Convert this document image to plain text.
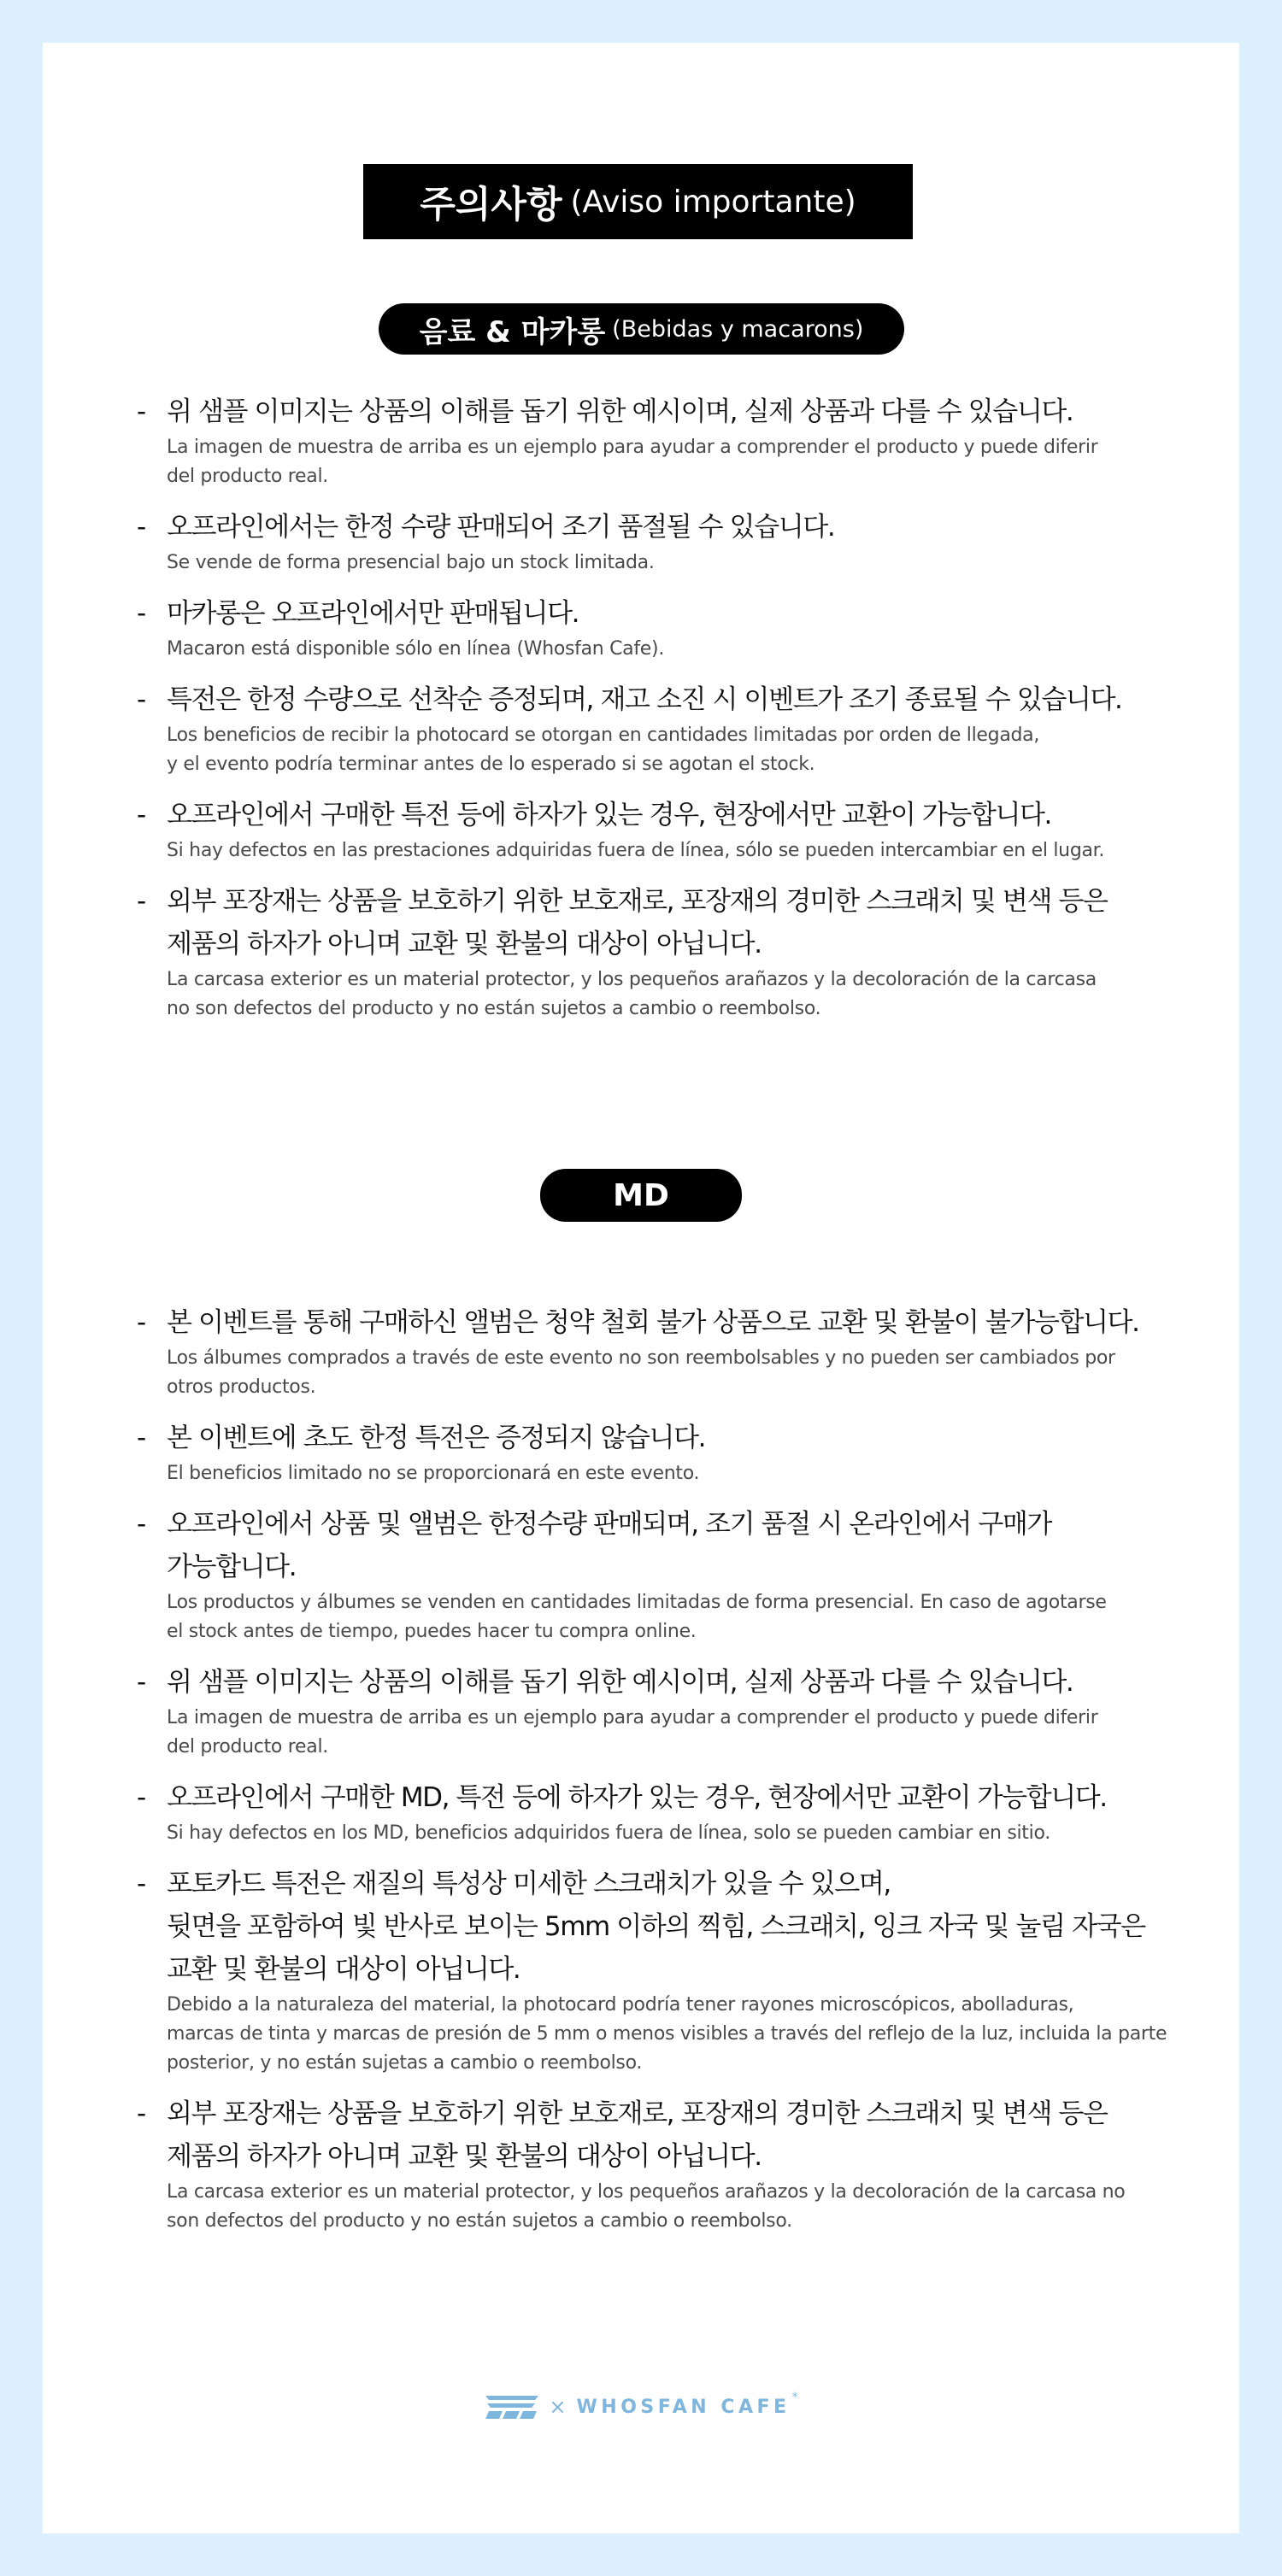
주의사항 (Aviso importante)
음료 & 마카롱 (Bebidas y macarons)
- 위 샘플 이미지는 상품의 이해를 돕기 위한 예시이며, 실제 상품과 다를 수 있습니다.
La imagen de muestra de arriba es un ejemplo para ayudar a comprender el producto y puede diferir
del producto real.
- 오프라인에서는 한정 수량 판매되어 조기 품절될 수 있습니다.
Se vende de forma presencial bajo un stock limitada.
- 마카롱은 오프라인에서만 판매됩니다.
Macaron está disponible sólo en línea (Whosfan Cafe).
- 특전은 한정 수량으로 선착순 증정되며, 재고 소진 시 이벤트가 조기 종료될 수 있습니다.
Los beneficios de recibir la photocard se otorgan en cantidades limitadas por orden de llegada,
y el evento podría terminar antes de lo esperado si se agotan el stock.
- 오프라인에서 구매한 특전 등에 하자가 있는 경우, 현장에서만 교환이 가능합니다.
Si hay defectos en las prestaciones adquiridas fuera de línea, sólo se pueden intercambiar en el lugar.
- 외부 포장재는 상품을 보호하기 위한 보호재로, 포장재의 경미한 스크래치 및 변색 등은
제품의 하자가 아니며 교환 및 환불의 대상이 아닙니다.
La carcasa exterior es un material protector, y los pequeños arañazos y la decoloración de la carcasa
no son defectos del producto y no están sujetos a cambio o reembolso.
MD
- 본 이벤트를 통해 구매하신 앨범은 청약 철회 불가 상품으로 교환 및 환불이 불가능합니다.
Los álbumes comprados a través de este evento no son reembolsables y no pueden ser cambiados por
otros productos.
- 본 이벤트에 초도 한정 특전은 증정되지 않습니다.
El beneficios limitado no se proporcionará en este evento.
- 오프라인에서 상품 및 앨범은 한정수량 판매되며, 조기 품절 시 온라인에서 구매가
가능합니다.
Los productos y álbumes se venden en cantidades limitadas de forma presencial. En caso de agotarse
el stock antes de tiempo, puedes hacer tu compra online.
- 위 샘플 이미지는 상품의 이해를 돕기 위한 예시이며, 실제 상품과 다를 수 있습니다.
La imagen de muestra de arriba es un ejemplo para ayudar a comprender el producto y puede diferir
del producto real.
- 오프라인에서 구매한 MD, 특전 등에 하자가 있는 경우, 현장에서만 교환이 가능합니다.
Si hay defectos en los MD, beneficios adquiridos fuera de línea, solo se pueden cambiar en sitio.
- 포토카드 특전은 재질의 특성상 미세한 스크래치가 있을 수 있으며,
뒷면을 포함하여 빛 반사로 보이는 5mm 이하의 찍힘, 스크래치, 잉크 자국 및 눌림 자국은
교환 및 환불의 대상이 아닙니다.
Debido a la naturaleza del material, la photocard podría tener rayones microscópicos, abolladuras,
marcas de tinta y marcas de presión de 5 mm o menos visibles a través del reflejo de la luz, incluida la parte
posterior, y no están sujetas a cambio o reembolso.
- 외부 포장재는 상품을 보호하기 위한 보호재로, 포장재의 경미한 스크래치 및 변색 등은
제품의 하자가 아니며 교환 및 환불의 대상이 아닙니다.
La carcasa exterior es un material protector, y los pequeños arañazos y la decoloración de la carcasa no
son defectos del producto y no están sujetos a cambio o reembolso.
× WHOSFAN CAFE *
